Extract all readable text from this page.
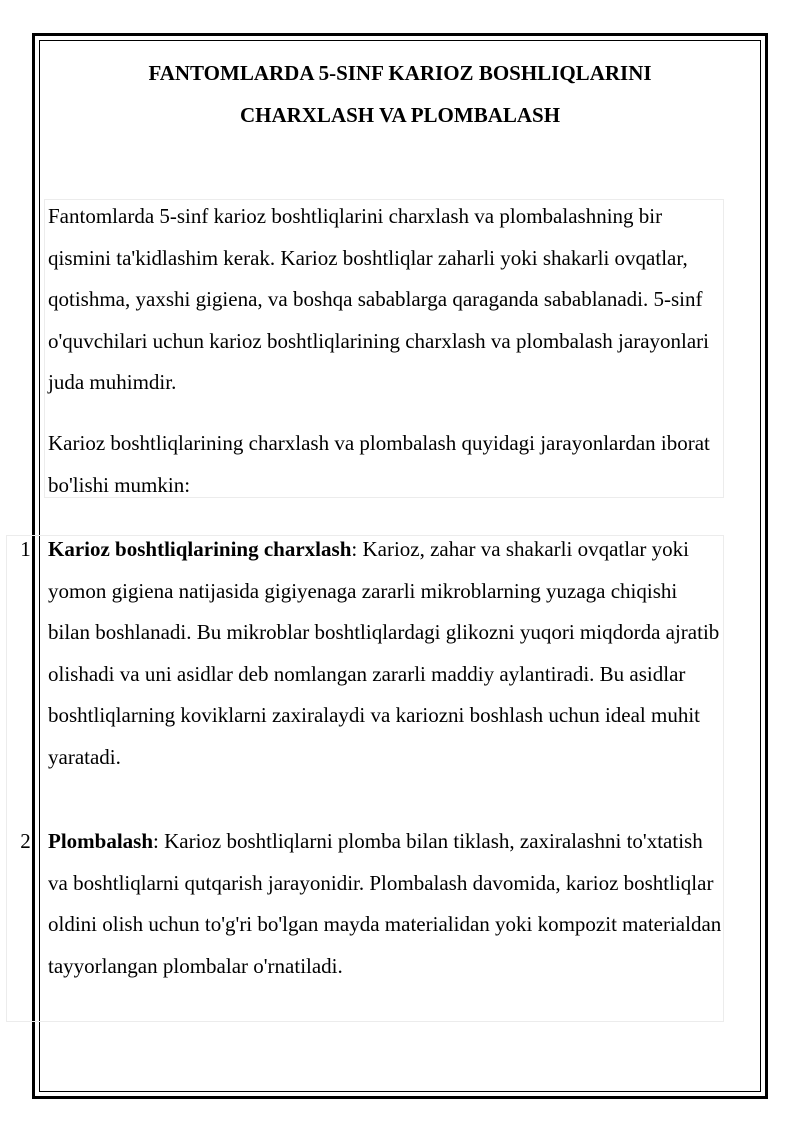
FANTOMLARDA 5-SINF KARIOZ BOSHLIQLARINI
CHARXLASH VA PLOMBALASH

Fantomlarda 5-sinf karioz boshtliqlarini charxlash va plombalashning bir qismini ta'kidlashim kerak. Karioz boshtliqlar zaharli yoki shakarli ovqatlar, qotishma, yaxshi gigiena, va boshqa sabablarga qaraganda sabablanadi. 5-sinf o'quvchilari uchun karioz boshtliqlarining charxlash va plombalash jarayonlari juda muhimdir.

Karioz boshtliqlarining charxlash va plombalash quyidagi jarayonlardan iborat bo'lishi mumkin:

1. Karioz boshtliqlarining charxlash: Karioz, zahar va shakarli ovqatlar yoki yomon gigiena natijasida gigiyenaga zararli mikroblarning yuzaga chiqishi bilan boshlanadi. Bu mikroblar boshtliqlardagi glikozni yuqori miqdorda ajratib olishadi va uni asidlar deb nomlangan zararli maddiy aylantiradi. Bu asidlar boshtliqlarning koviklarni zaxiralaydi va kariozni boshlash uchun ideal muhit yaratadi.
2. Plombalash: Karioz boshtliqlarni plomba bilan tiklash, zaxiralashni to'xtatish va boshtliqlarni qutqarish jarayonidir. Plombalash davomida, karioz boshtliqlar oldini olish uchun to'g'ri bo'lgan mayda materialidan yoki kompozit materialdan tayyorlangan plombalar o'rnatiladi.
